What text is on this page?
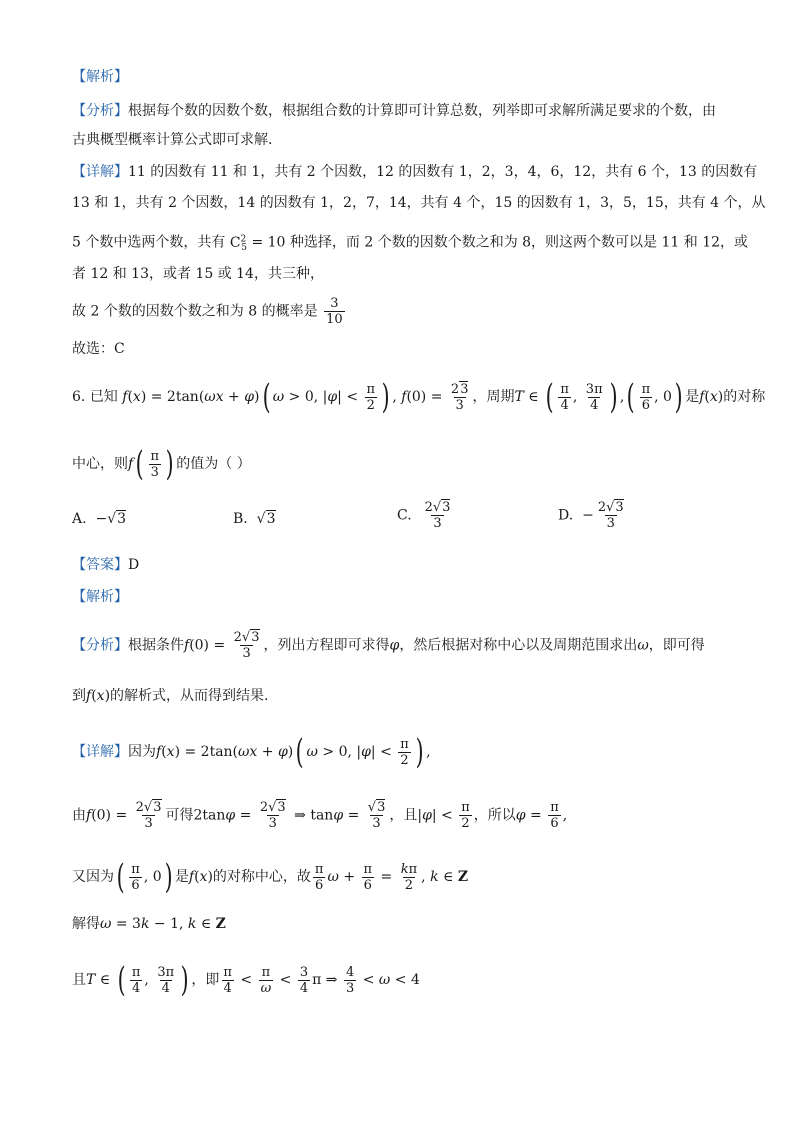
【解析】
【分析】根据每个数的因数个数，根据组合数的计算即可计算总数，列举即可求解所满足要求的个数，由
古典概型概率计算公式即可求解.
【详解】11 的因数有 11 和 1，共有 2 个因数，12 的因数有 1，2，3，4，6，12，共有 6 个，13 的因数有
13 和 1，共有 2 个因数，14 的因数有 1，2，7，14，共有 4 个，15 的因数有 1，3，5，15，共有 4 个，从
5 个数中选两个数，共有 $C^2_5 = 10$ 种选择，而 2 个数的因数个数之和为 8，则这两个数可以是 11 和 12，或
者 12 和 13，或者 15 或 14，共三种，
故 2 个数的因数个数之和为 8 的概率是 $\frac{3}{10}$
故选：C
6. 已知 f(x) = 2tan(ωx + φ)( ω > 0, $|\varphi| < \frac{\pi}{2}$ ) , $f(0) = \frac{23}{3}$ ，周期T ∈ ( $\frac{\pi}{4}$ , $\frac{3\pi}{4}$ ) ,( $\frac{\pi}{6}$ , 0) 是f(x)的对称
中心，则$f( \frac{\pi}{3}$ ) 的值为（ ）
A.  −√3	B.  √3	C. $\frac{2√3}{3}$	D.  − $\frac{2√3}{3}$
【答案】D
【解析】
【分析】根据条件$f(0) = \frac{2√3}{3}$ ，列出方程即可求得φ，然后根据对称中心以及周期范围求出ω，即可得
到f(x)的解析式，从而得到结果.
【详解】因为f(x) = 2tan(ωx + φ)( ω > 0, $|\varphi| < \frac{\pi}{2}$ ) ,
由$f(0) = \frac{2√3}{3}$ 可得$2\tan\varphi = \frac{2√3}{3}$ ⇒ $\tan\varphi = \frac{√3}{3}$ ，且$|\varphi| < \frac{\pi}{2}$ ，所以$\varphi = \frac{\pi}{6}$ ,
又因为( $\frac{\pi}{6}$ , 0) 是f(x)的对称中心，故 $\frac{\pi}{6}$ $\omega + \frac{\pi}{6} = \frac{k\pi}{2}$ , k ∈ Z
解得ω = 3k − 1, k ∈ Z
且T ∈ ( $\frac{\pi}{4}$ , $\frac{3\pi}{4}$ ) ，即 $\frac{\pi}{4} < \frac{\pi}{\omega} < \frac{3}{4}$ π ⇒ $\frac{4}{3} < \omega < 4$
